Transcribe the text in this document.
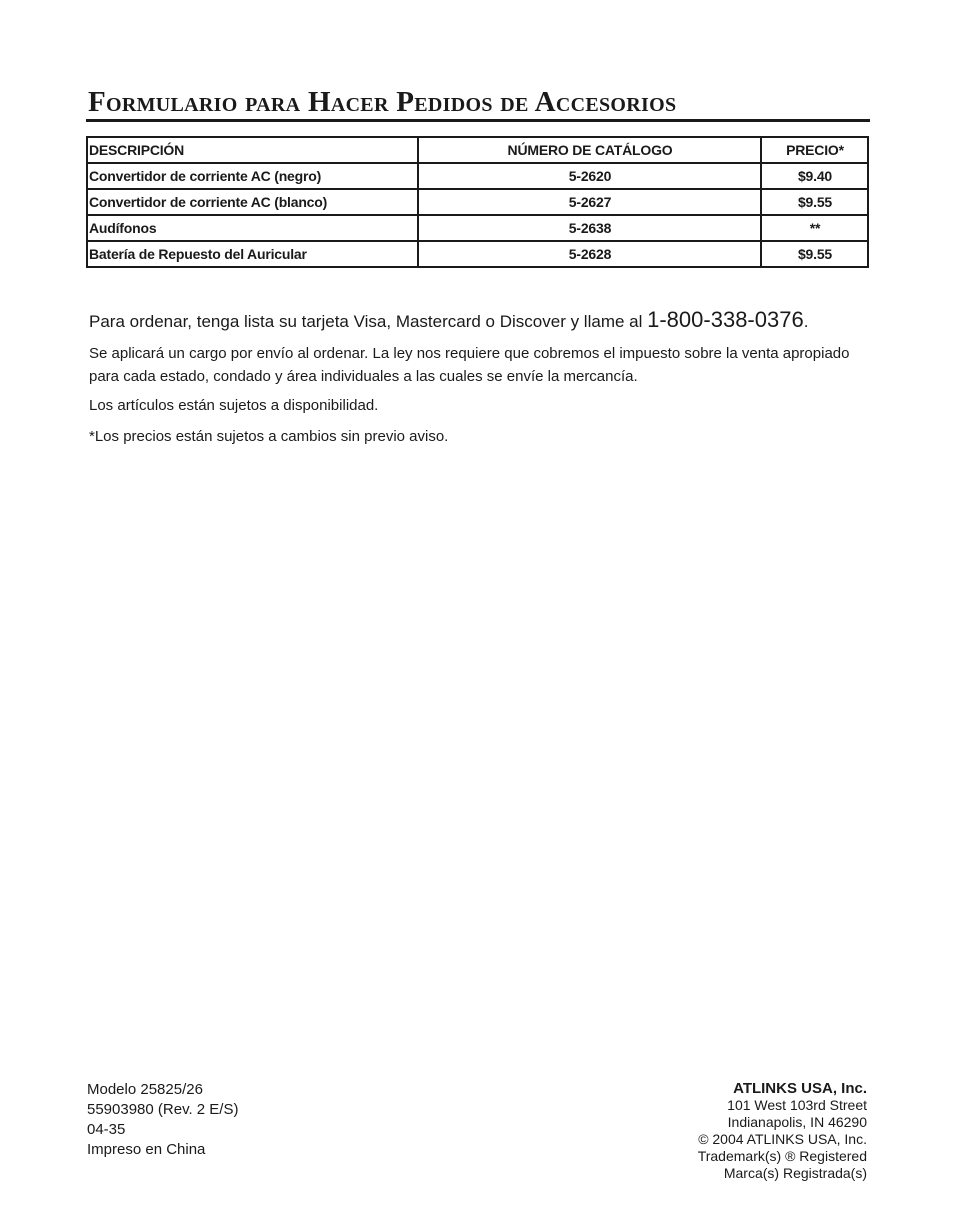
Formulario para Hacer Pedidos de Accesorios
DESCRIPCIÓN	NÚMERO DE CATÁLOGO	PRECIO*
Convertidor de corriente AC (negro)	5-2620	$9.40
Convertidor de corriente AC (blanco)	5-2627	$9.55
Audífonos	5-2638	**
Batería de Repuesto del Auricular	5-2628	$9.55

Para ordenar, tenga lista su tarjeta Visa, Mastercard o Discover y llame al 1-800-338-0376.

Se aplicará un cargo por envío al ordenar. La ley nos requiere que cobremos el impuesto sobre la venta apropiado para cada estado, condado y área individuales a las cuales se envíe la mercancía.

Los artículos están sujetos a disponibilidad.

*Los precios están sujetos a cambios sin previo aviso.

Modelo 25825/26
55903980 (Rev. 2 E/S)
04-35
Impreso en China
ATLINKS USA, Inc.
101 West 103rd Street
Indianapolis, IN 46290
© 2004 ATLINKS USA, Inc.
Trademark(s) ® Registered
Marca(s) Registrada(s)
